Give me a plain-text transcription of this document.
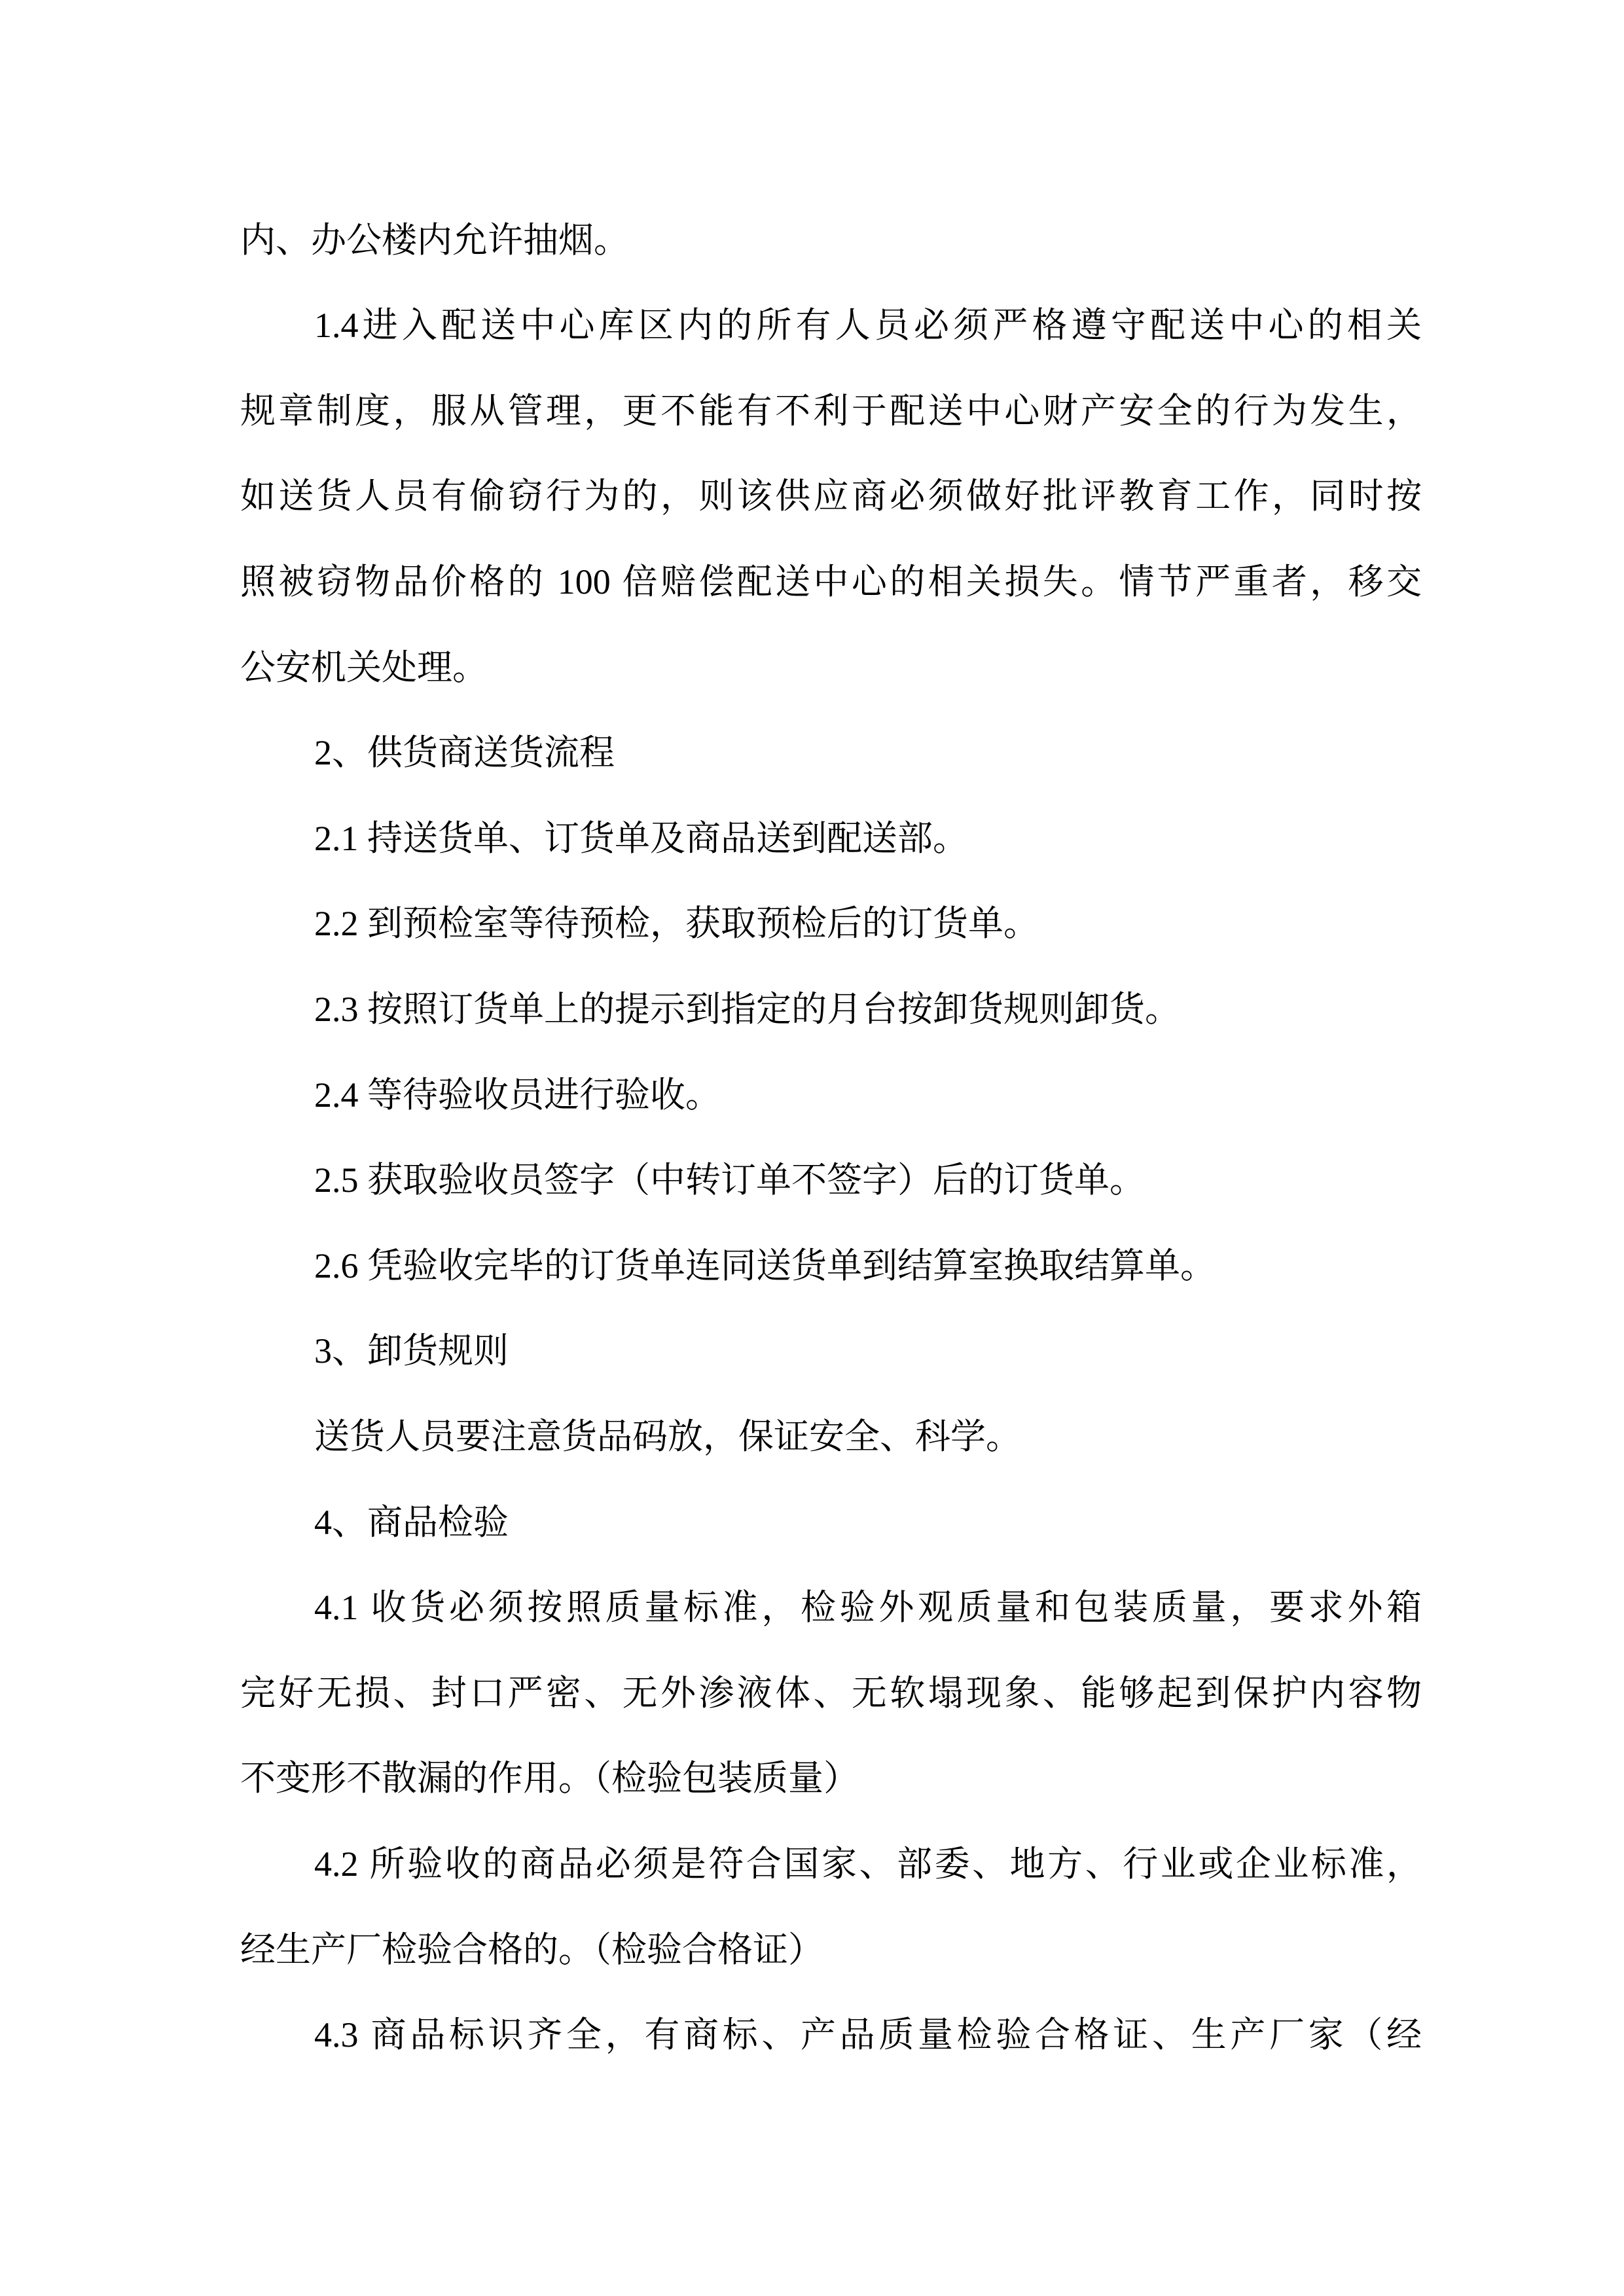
内、办公楼内允许抽烟。
1.4进入配送中心库区内的所有人员必须严格遵守配送中心的相关
规章制度，服从管理，更不能有不利于配送中心财产安全的行为发生，
如送货人员有偷窃行为的，则该供应商必须做好批评教育工作，同时按
照被窃物品价格的 100 倍赔偿配送中心的相关损失。情节严重者，移交
公安机关处理。
2、供货商送货流程
2.1 持送货单、订货单及商品送到配送部。
2.2 到预检室等待预检，获取预检后的订货单。
2.3 按照订货单上的提示到指定的月台按卸货规则卸货。
2.4 等待验收员进行验收。
2.5 获取验收员签字（中转订单不签字）后的订货单。
2.6 凭验收完毕的订货单连同送货单到结算室换取结算单。
3、卸货规则
送货人员要注意货品码放，保证安全、科学。
4、商品检验
4.1 收货必须按照质量标准，检验外观质量和包装质量，要求外箱
完好无损、封口严密、无外渗液体、无软塌现象、能够起到保护内容物
不变形不散漏的作用。（检验包装质量）
4.2 所验收的商品必须是符合国家、部委、地方、行业或企业标准，
经生产厂检验合格的。（检验合格证）
4.3 商品标识齐全，有商标、产品质量检验合格证、生产厂家（经
